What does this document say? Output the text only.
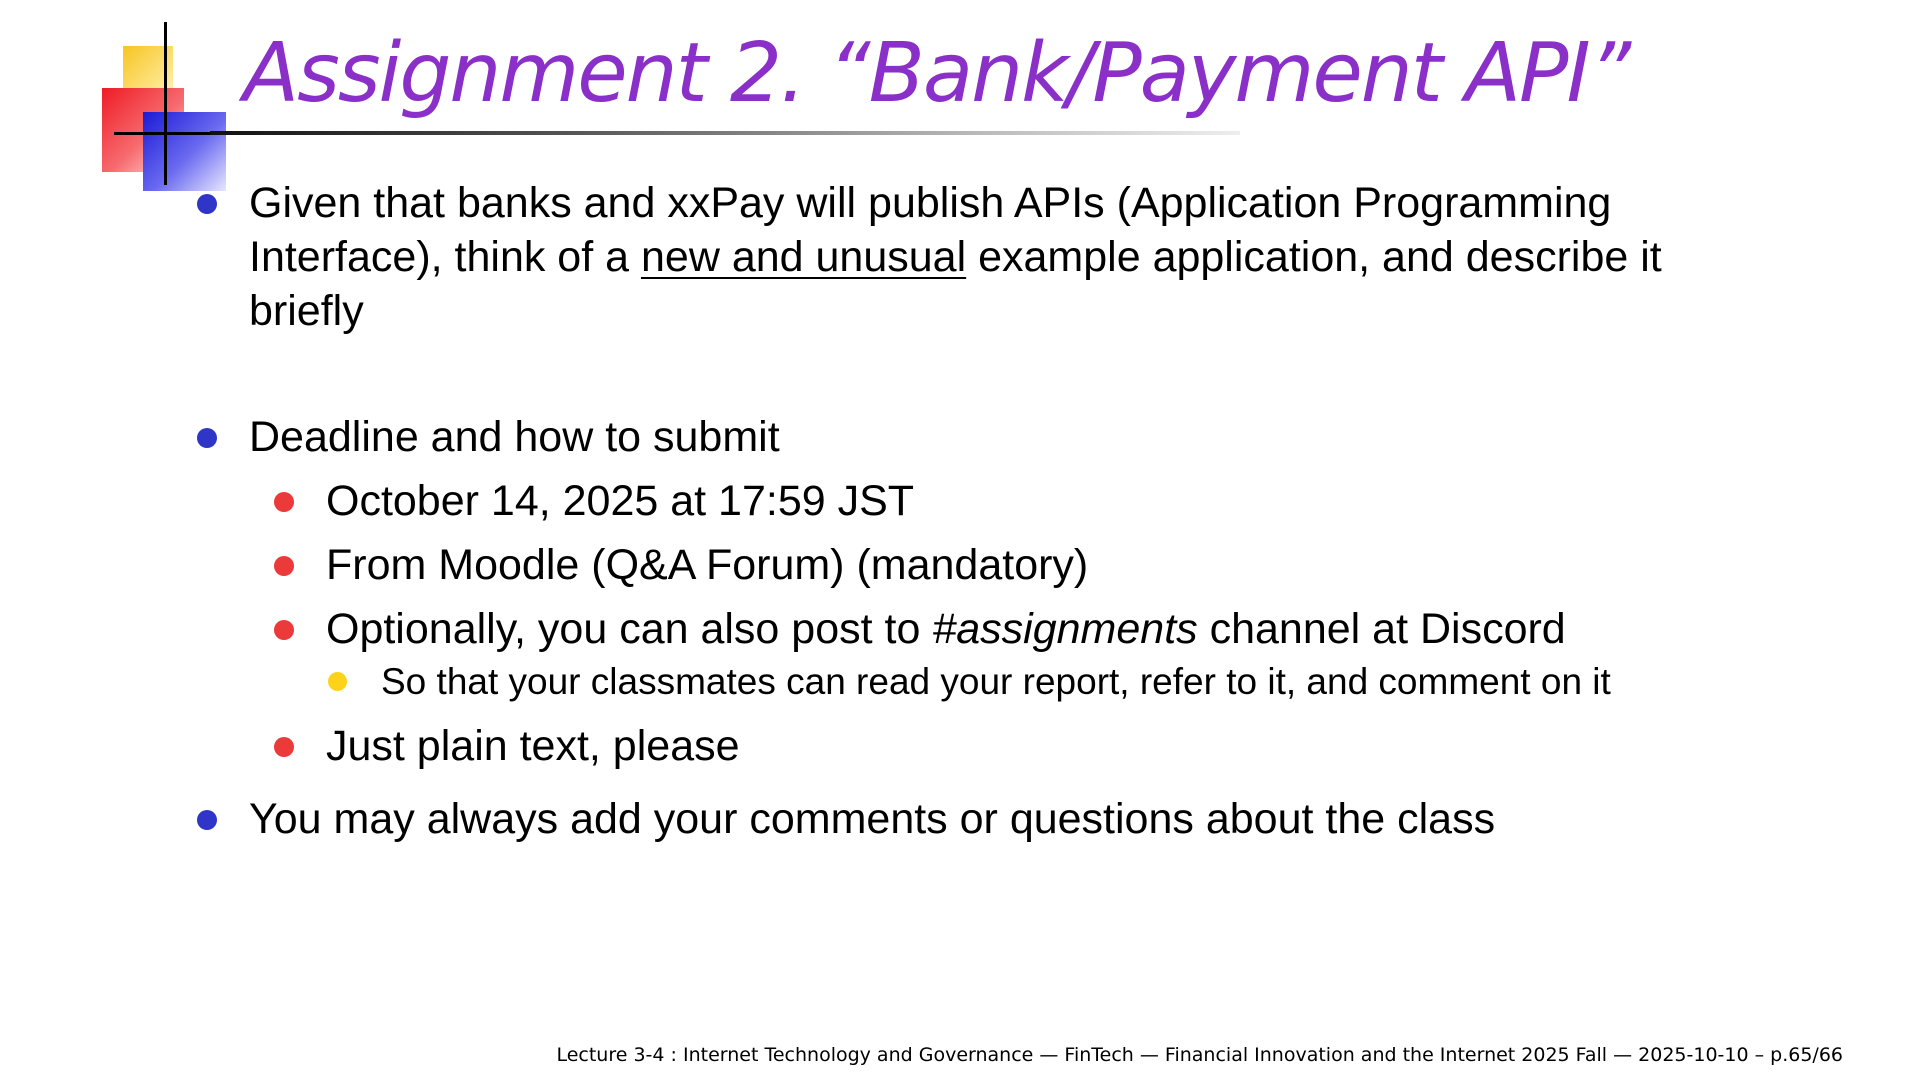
Assignment 2. “Bank/Payment API”
Given that banks and xxPay will publish APIs (Application Programming
Interface), think of a new and unusual example application, and describe it
briefly
Deadline and how to submit
October 14, 2025 at 17:59 JST
From Moodle (Q&A Forum) (mandatory)
Optionally, you can also post to #assignments channel at Discord
So that your classmates can read your report, refer to it, and comment on it
Just plain text, please
You may always add your comments or questions about the class
Lecture 3-4 : Internet Technology and Governance — FinTech — Financial Innovation and the Internet 2025 Fall — 2025-10-10 – p.65/66
